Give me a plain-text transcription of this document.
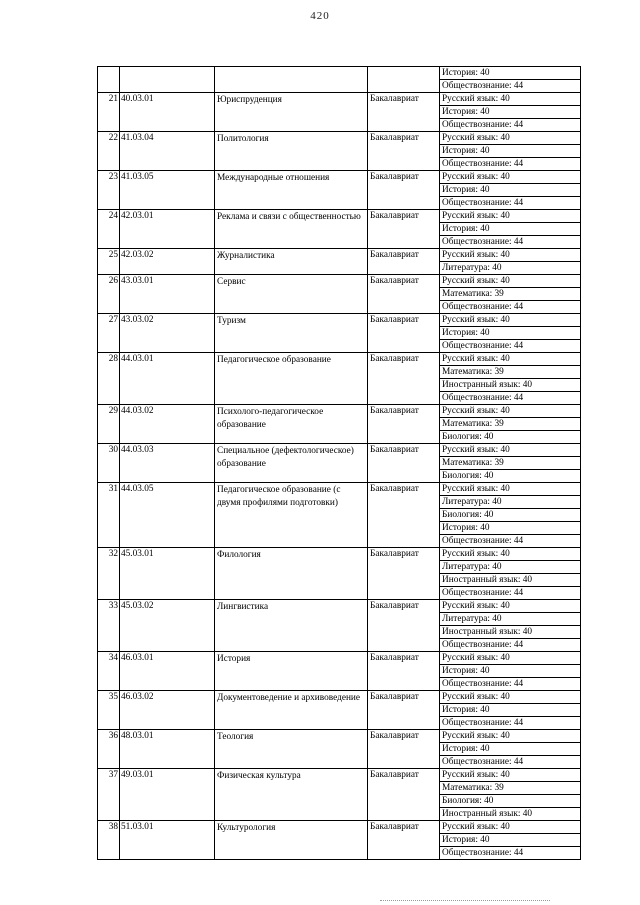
420
				История: 40
				Обществознание: 44
21	40.03.01	Юриспруденция	Бакалавриат	Русский язык: 40
				История: 40
				Обществознание: 44
22	41.03.04	Политология	Бакалавриат	Русский язык: 40
				История: 40
				Обществознание: 44
23	41.03.05	Международные отношения	Бакалавриат	Русский язык: 40
				История: 40
				Обществознание: 44
24	42.03.01	Реклама и связи с общественностью	Бакалавриат	Русский язык: 40
				История: 40
				Обществознание: 44
25	42.03.02	Журналистика	Бакалавриат	Русский язык: 40
				Литература: 40
26	43.03.01	Сервис	Бакалавриат	Русский язык: 40
				Математика: 39
				Обществознание: 44
27	43.03.02	Туризм	Бакалавриат	Русский язык: 40
				История: 40
				Обществознание: 44
28	44.03.01	Педагогическое образование	Бакалавриат	Русский язык: 40
				Математика: 39
				Иностранный язык: 40
				Обществознание: 44
29	44.03.02	Психолого-педагогическое образование	Бакалавриат	Русский язык: 40
				Математика: 39
				Биология: 40
30	44.03.03	Специальное (дефектологическое) образование	Бакалавриат	Русский язык: 40
				Математика: 39
				Биология: 40
31	44.03.05	Педагогическое образование (с двумя профилями подготовки)	Бакалавриат	Русский язык: 40
				Литература: 40
				Биология: 40
				История: 40
				Обществознание: 44
32	45.03.01	Филология	Бакалавриат	Русский язык: 40
				Литература: 40
				Иностранный язык: 40
				Обществознание: 44
33	45.03.02	Лингвистика	Бакалавриат	Русский язык: 40
				Литература: 40
				Иностранный язык: 40
				Обществознание: 44
34	46.03.01	История	Бакалавриат	Русский язык: 40
				История: 40
				Обществознание: 44
35	46.03.02	Документоведение и архивоведение	Бакалавриат	Русский язык: 40
				История: 40
				Обществознание: 44
36	48.03.01	Теология	Бакалавриат	Русский язык: 40
				История: 40
				Обществознание: 44
37	49.03.01	Физическая культура	Бакалавриат	Русский язык: 40
				Математика: 39
				Биология: 40
				Иностранный язык: 40
38	51.03.01	Культурология	Бакалавриат	Русский язык: 40
				История: 40
				Обществознание: 44
